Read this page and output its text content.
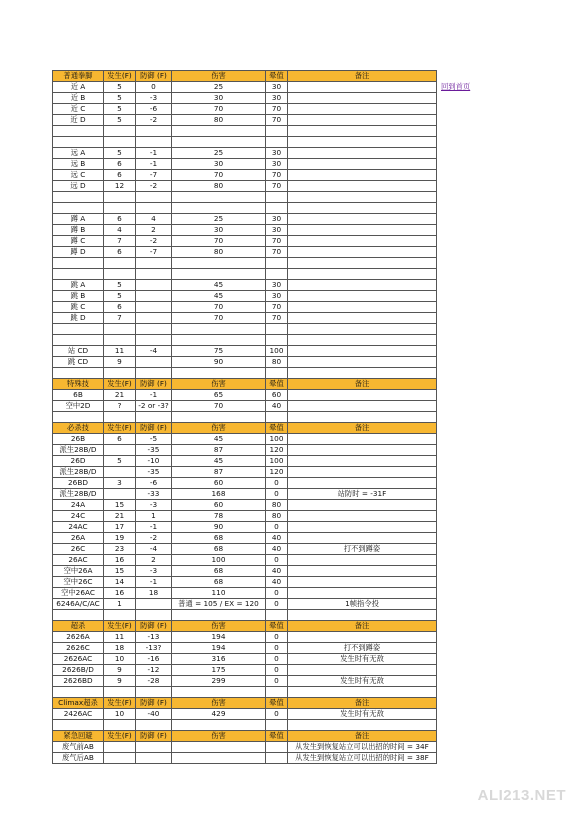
普通拳脚	发生(F)	防御 (F)	伤害	晕值	备注
近 A	5	0	25	30	
近 B	5	-3	30	30	
近 C	5	-6	70	70	
近 D	5	-2	80	70	

远 A	5	-1	25	30	
远 B	6	-1	30	30	
远 C	6	-7	70	70	
远 D	12	-2	80	70	

蹲 A	6	4	25	30	
蹲 B	4	2	30	30	
蹲 C	7	-2	70	70	
蹲 D	6	-7	80	70	

跳 A	5		45	30	
跳 B	5		45	30	
跳 C	6		70	70	
跳 D	7		70	70	

站 CD	11	-4	75	100	
跳 CD	9		90	80	

特殊技	发生(F)	防御 (F)	伤害	晕值	备注
6B	21	-1	65	60	
空中2D	?	-2 or -3?	70	40	

必杀技	发生(F)	防御 (F)	伤害	晕值	备注
26B	6	-5	45	100	
派生28B/D		-35	87	120	
26D	5	-10	45	100	
派生28B/D		-35	87	120	
26BD	3	-6	60	0	
派生28B/D		-33	168	0	站防时 = -31F
24A	15	-3	60	80	
24C	21	1	78	80	
24AC	17	-1	90	0	
26A	19	-2	68	40	
26C	23	-4	68	40	打不到蹲姿
26AC	16	2	100	0	
空中26A	15	-3	68	40	
空中26C	14	-1	68	40	
空中26AC	16	18	110	0	
6246A/C/AC	1		普通 = 105 / EX = 120	0	1帧指令投

超杀	发生(F)	防御 (F)	伤害	晕值	备注
2626A	11	-13	194	0	
2626C	18	-13?	194	0	打不到蹲姿
2626AC	10	-16	316	0	发生时有无敌
2626B/D	9	-12	175	0	
2626BD	9	-28	299	0	发生时有无敌

Climax超杀	发生(F)	防御 (F)	伤害	晕值	备注
2426AC	10	-40	429	0	发生时有无敌

紧急回避	发生(F)	防御 (F)	伤害	晕值	备注
废气前AB					从发生到恢复站立可以出招的时间 = 34F
废气后AB					从发生到恢复站立可以出招的时间 = 38F
回到首页
ALI213.NET
